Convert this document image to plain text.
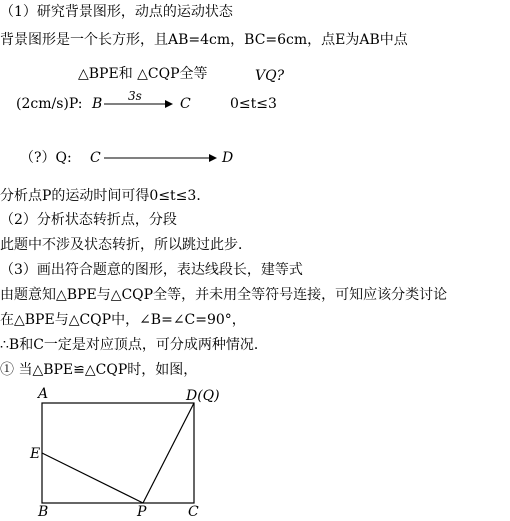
（1）研究背景图形，动点的运动状态
背景图形是一个长方形，且AB=4cm，BC=6cm，点E为AB中点
△BPE和 △CQP全等	VQ?
(2cm/s)P: B 3s	C	0≤t≤3
（?）Q: C	D
分析点P的运动时间可得0≤t≤3．
（2）分析状态转折点，分段
此题中不涉及状态转折，所以跳过此步．
（3）画出符合题意的图形，表达线段长，建等式
由题意知△BPE与△CQP全等，并未用全等符号连接，可知应该分类讨论
在△BPE与△CQP中，∠B=∠C=90°，
∴B和C一定是对应顶点，可分成两种情况．
① 当△BPE≌△CQP时，如图，
A	D(Q)
E
B	P	C
